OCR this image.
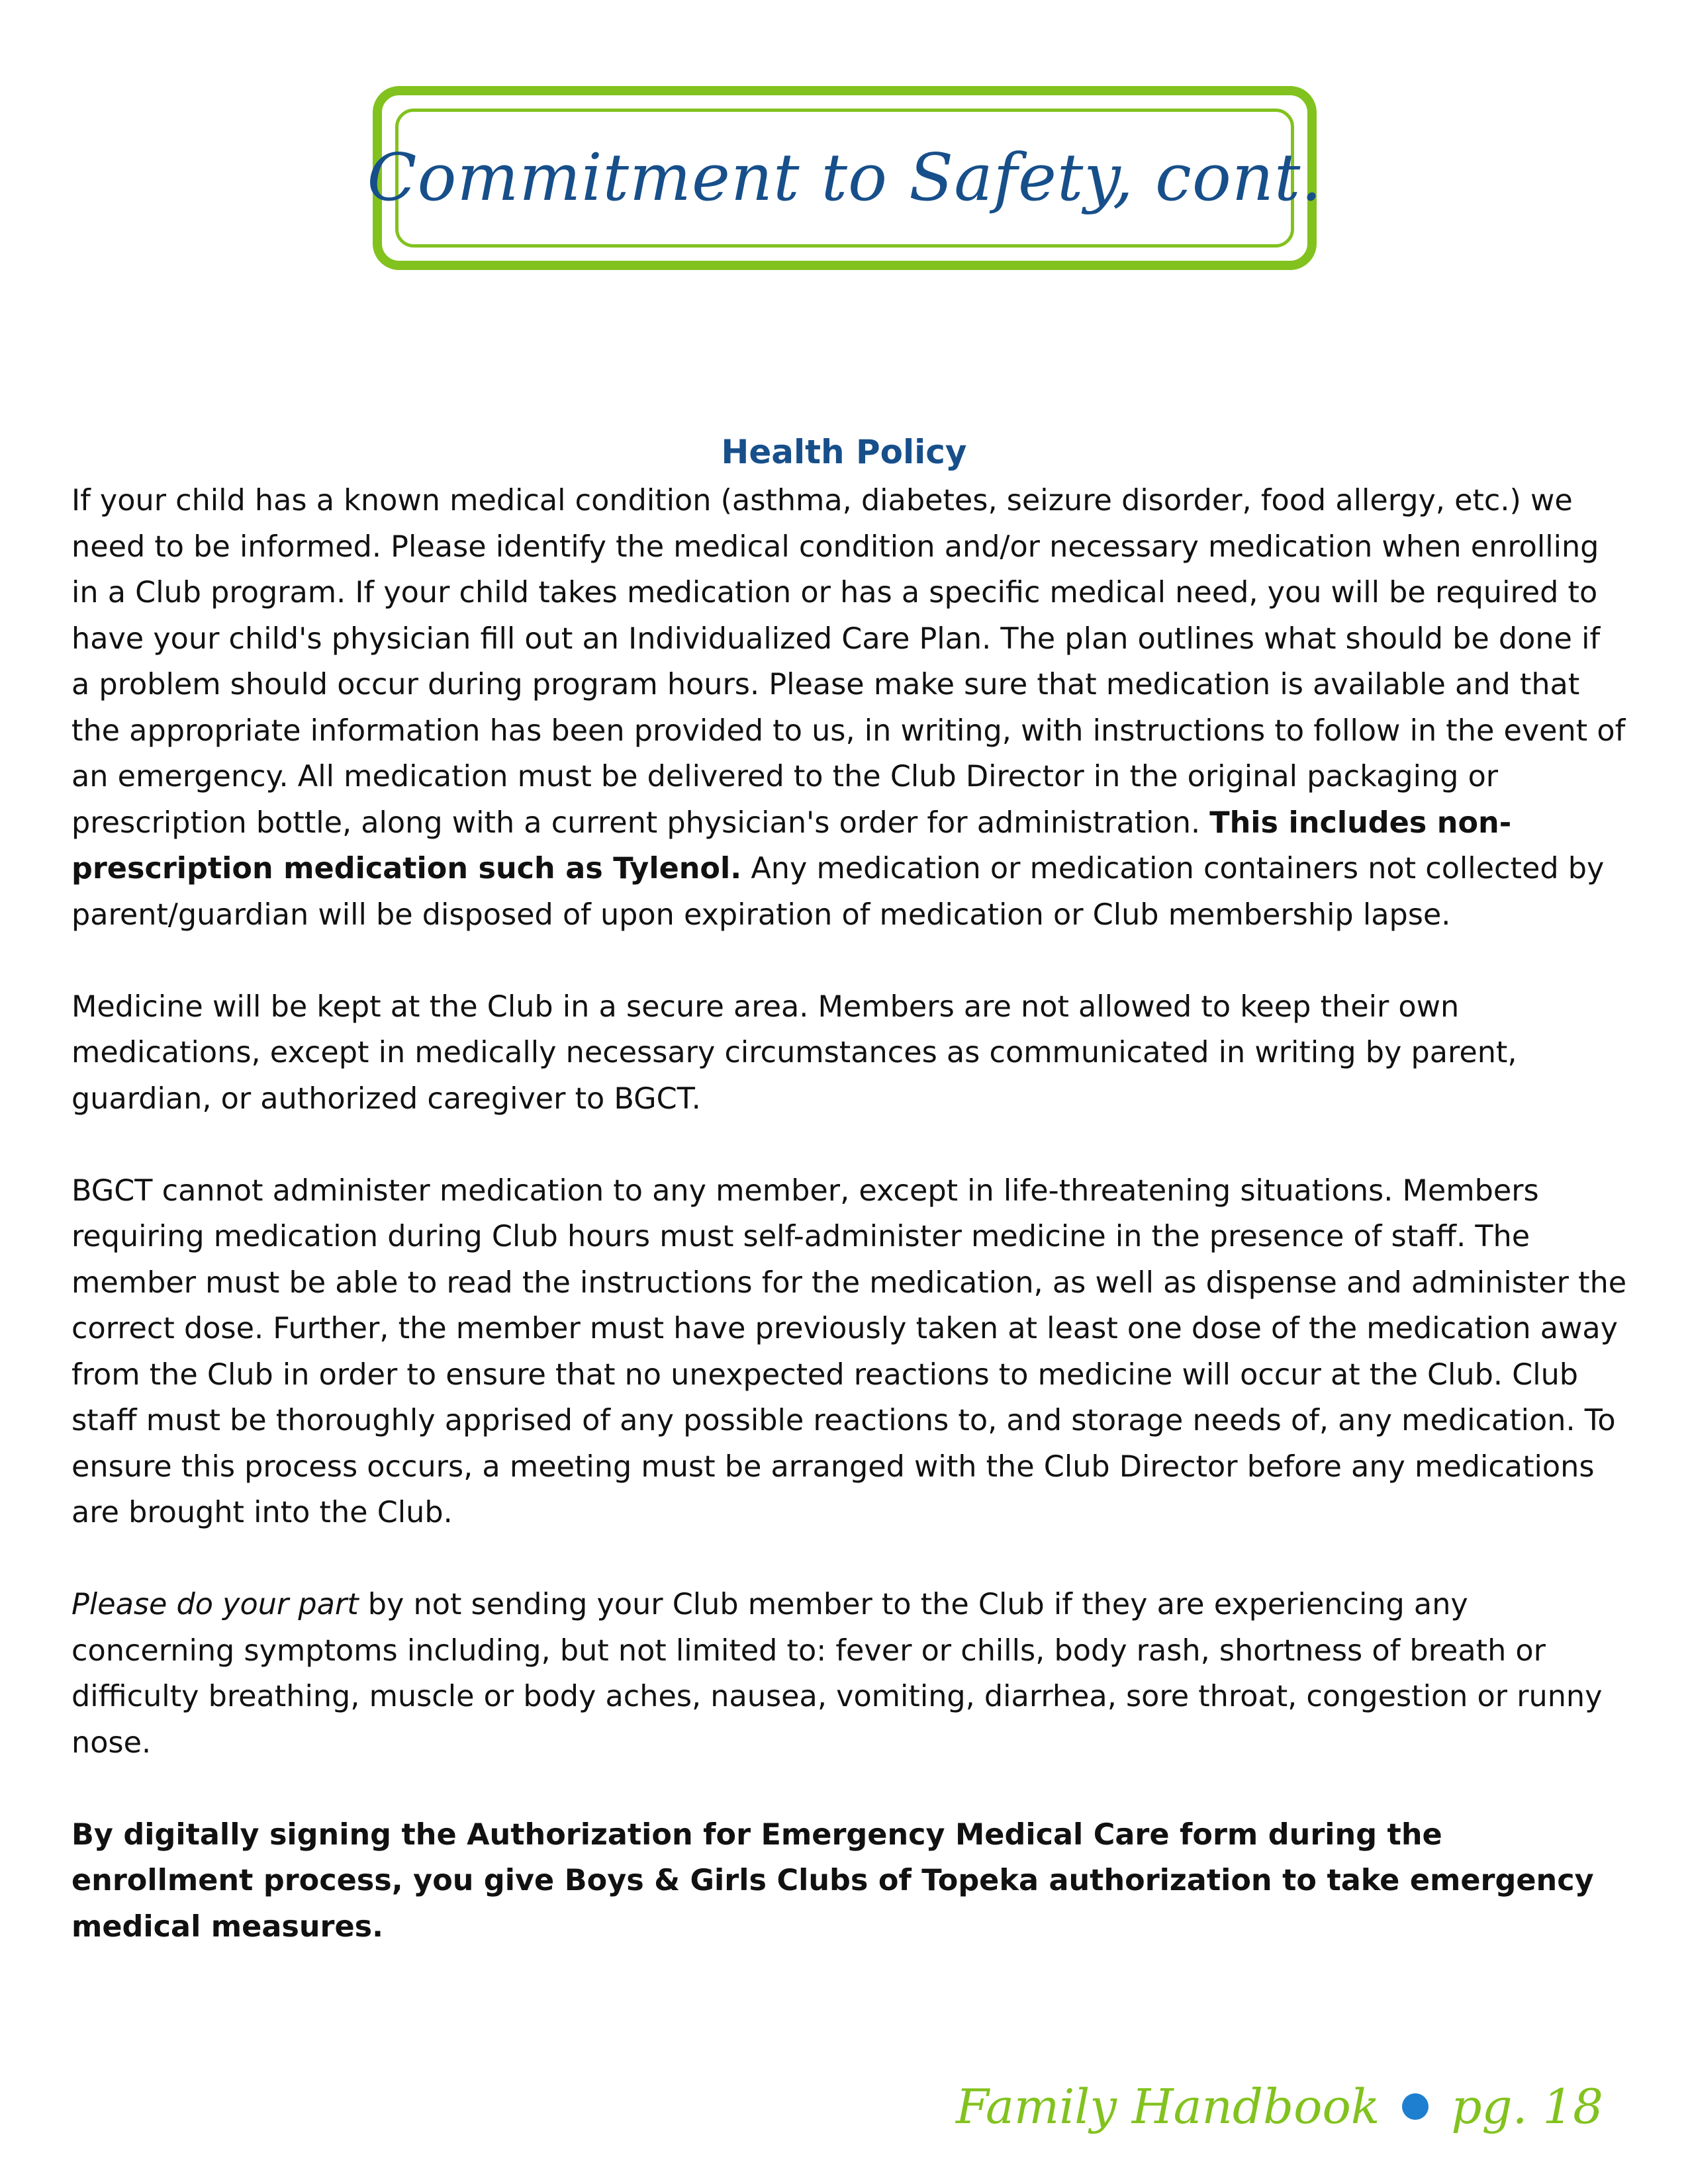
Commitment to Safety, cont.
Health Policy

If your child has a known medical condition (asthma, diabetes, seizure disorder, food allergy, etc.) we need to be informed. Please identify the medical condition and/or necessary medication when enrolling in a Club program. If your child takes medication or has a specific medical need, you will be required to have your child's physician fill out an Individualized Care Plan. The plan outlines what should be done if a problem should occur during program hours. Please make sure that medication is available and that the appropriate information has been provided to us, in writing, with instructions to follow in the event of an emergency. All medication must be delivered to the Club Director in the original packaging or prescription bottle, along with a current physician's order for administration. This includes non-prescription medication such as Tylenol. Any medication or medication containers not collected by parent/guardian will be disposed of upon expiration of medication or Club membership lapse.

Medicine will be kept at the Club in a secure area. Members are not allowed to keep their own medications, except in medically necessary circumstances as communicated in writing by parent, guardian, or authorized caregiver to BGCT.

BGCT cannot administer medication to any member, except in life-threatening situations. Members requiring medication during Club hours must self-administer medicine in the presence of staff. The member must be able to read the instructions for the medication, as well as dispense and administer the correct dose. Further, the member must have previously taken at least one dose of the medication away from the Club in order to ensure that no unexpected reactions to medicine will occur at the Club. Club staff must be thoroughly apprised of any possible reactions to, and storage needs of, any medication. To ensure this process occurs, a meeting must be arranged with the Club Director before any medications are brought into the Club.

Please do your part by not sending your Club member to the Club if they are experiencing any concerning symptoms including, but not limited to: fever or chills, body rash, shortness of breath or difficulty breathing, muscle or body aches, nausea, vomiting, diarrhea, sore throat, congestion or runny nose.

By digitally signing the Authorization for Emergency Medical Care form during the enrollment process, you give Boys & Girls Clubs of Topeka authorization to take emergency medical measures.

Family Handbook pg. 18
